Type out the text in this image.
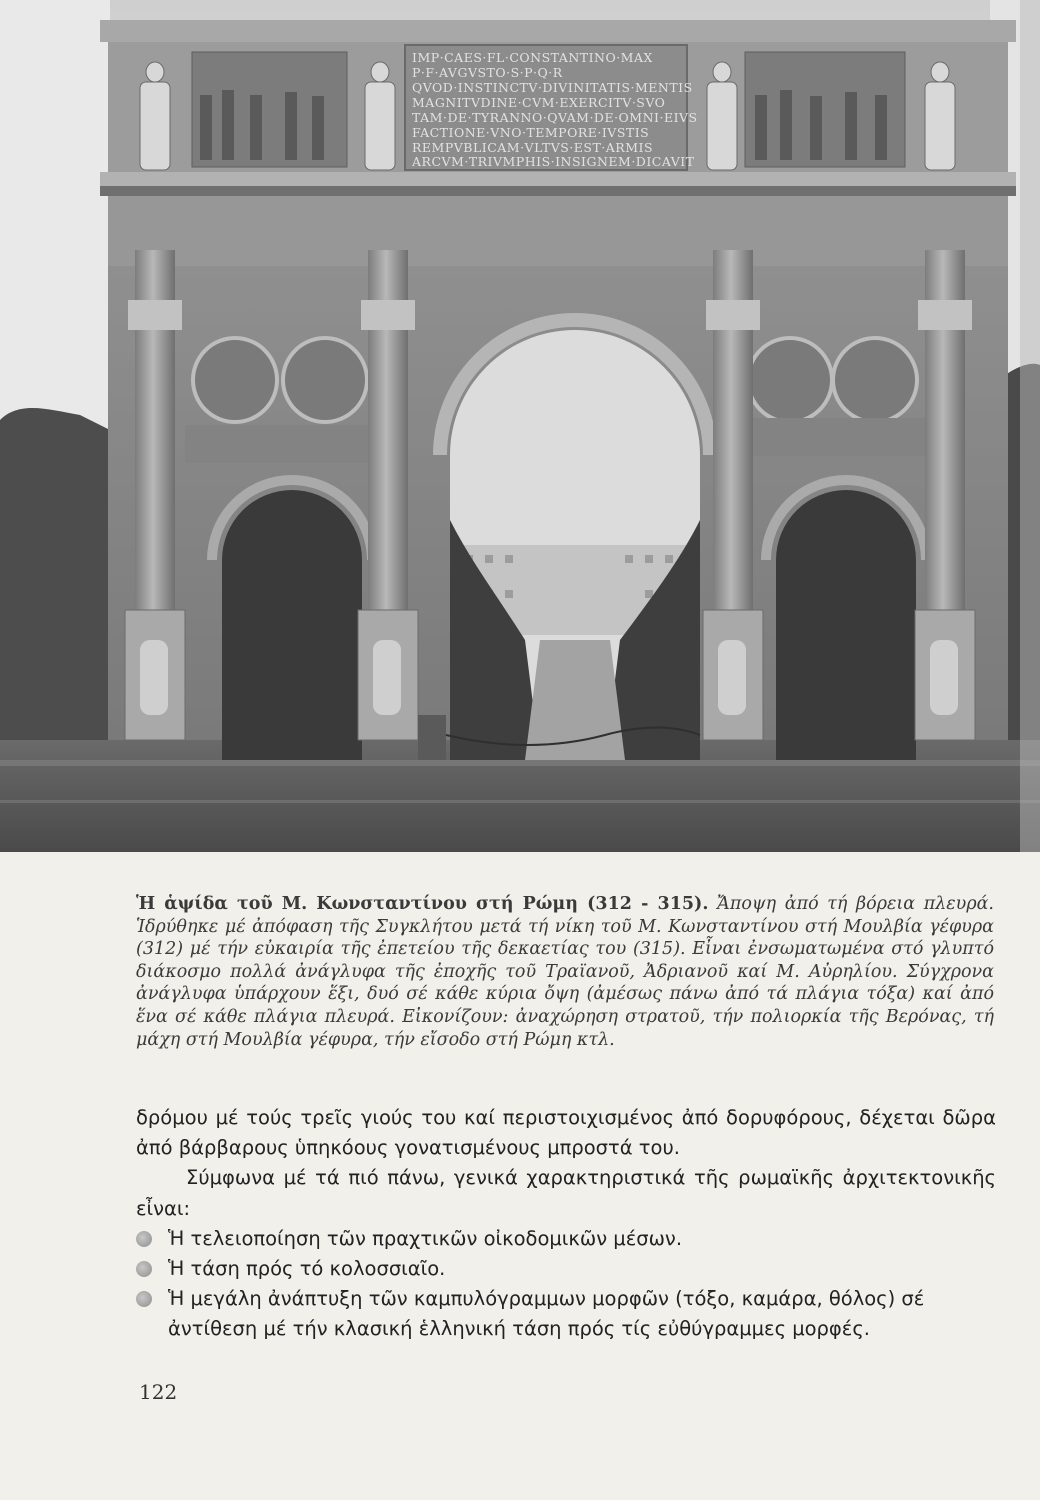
IMP·CAES·FL·CONSTANTINO·MAX
P·F·AVGVSTO·S·P·Q·R
QVOD·INSTINCTV·DIVINITATIS·MENTIS
MAGNITVDINE·CVM·EXERCITV·SVO
TAM·DE·TYRANNO·QVAM·DE·OMNI·EIVS
FACTIONE·VNO·TEMPORE·IVSTIS
REMPVBLICAM·VLTVS·EST·ARMIS
ARCVM·TRIVMPHIS·INSIGNEM·DICAVIT

Ἡ ἁψίδα τοῦ Μ. Κωνσταντίνου στή Ρώμη (312 - 315). Ἄποψη ἀπό τή βόρεια πλευρά. Ἱδρύθηκε μέ ἀπόφαση τῆς Συγκλήτου μετά τή νίκη τοῦ Μ. Κωνσταντίνου στή Μουλβία γέφυρα (312) μέ τήν εὐκαιρία τῆς ἐπετείου τῆς δεκαετίας του (315). Εἶναι ἐνσωματωμένα στό γλυπτό διάκοσμο πολλά ἀνάγλυφα τῆς ἐποχῆς τοῦ Τραϊανοῦ, Ἀδριανοῦ καί Μ. Αὐρηλίου. Σύγχρονα ἀνάγλυφα ὑπάρχουν ἕξι, δυό σέ κάθε κύρια ὄψη (ἀμέσως πάνω ἀπό τά πλάγια τόξα) καί ἀπό ἕνα σέ κάθε πλάγια πλευρά. Εἰκονίζουν: ἀναχώρηση στρατοῦ, τήν πολιορκία τῆς Βερόνας, τή μάχη στή Μουλβία γέφυρα, τήν εἴσοδο στή Ρώμη κτλ.

δρόμου μέ τούς τρεῖς γιούς του καί περιστοιχισμένος ἀπό δορυφόρους, δέχεται δῶρα ἀπό βάρβαρους ὑπηκόους γονατισμένους μπροστά του.

Σύμφωνα μέ τά πιό πάνω, γενικά χαρακτηριστικά τῆς ρωμαϊκῆς ἀρχιτεκτονικῆς εἶναι:

Ἡ τελειοποίηση τῶν πραχτικῶν οἰκοδομικῶν μέσων.
Ἡ τάση πρός τό κολοσσιαῖο.
Ἡ μεγάλη ἀνάπτυξη τῶν καμπυλόγραμμων μορφῶν (τόξο, καμάρα, θόλος) σέ ἀντίθεση μέ τήν κλασική ἑλληνική τάση πρός τίς εὐθύγραμμες μορφές.
122
